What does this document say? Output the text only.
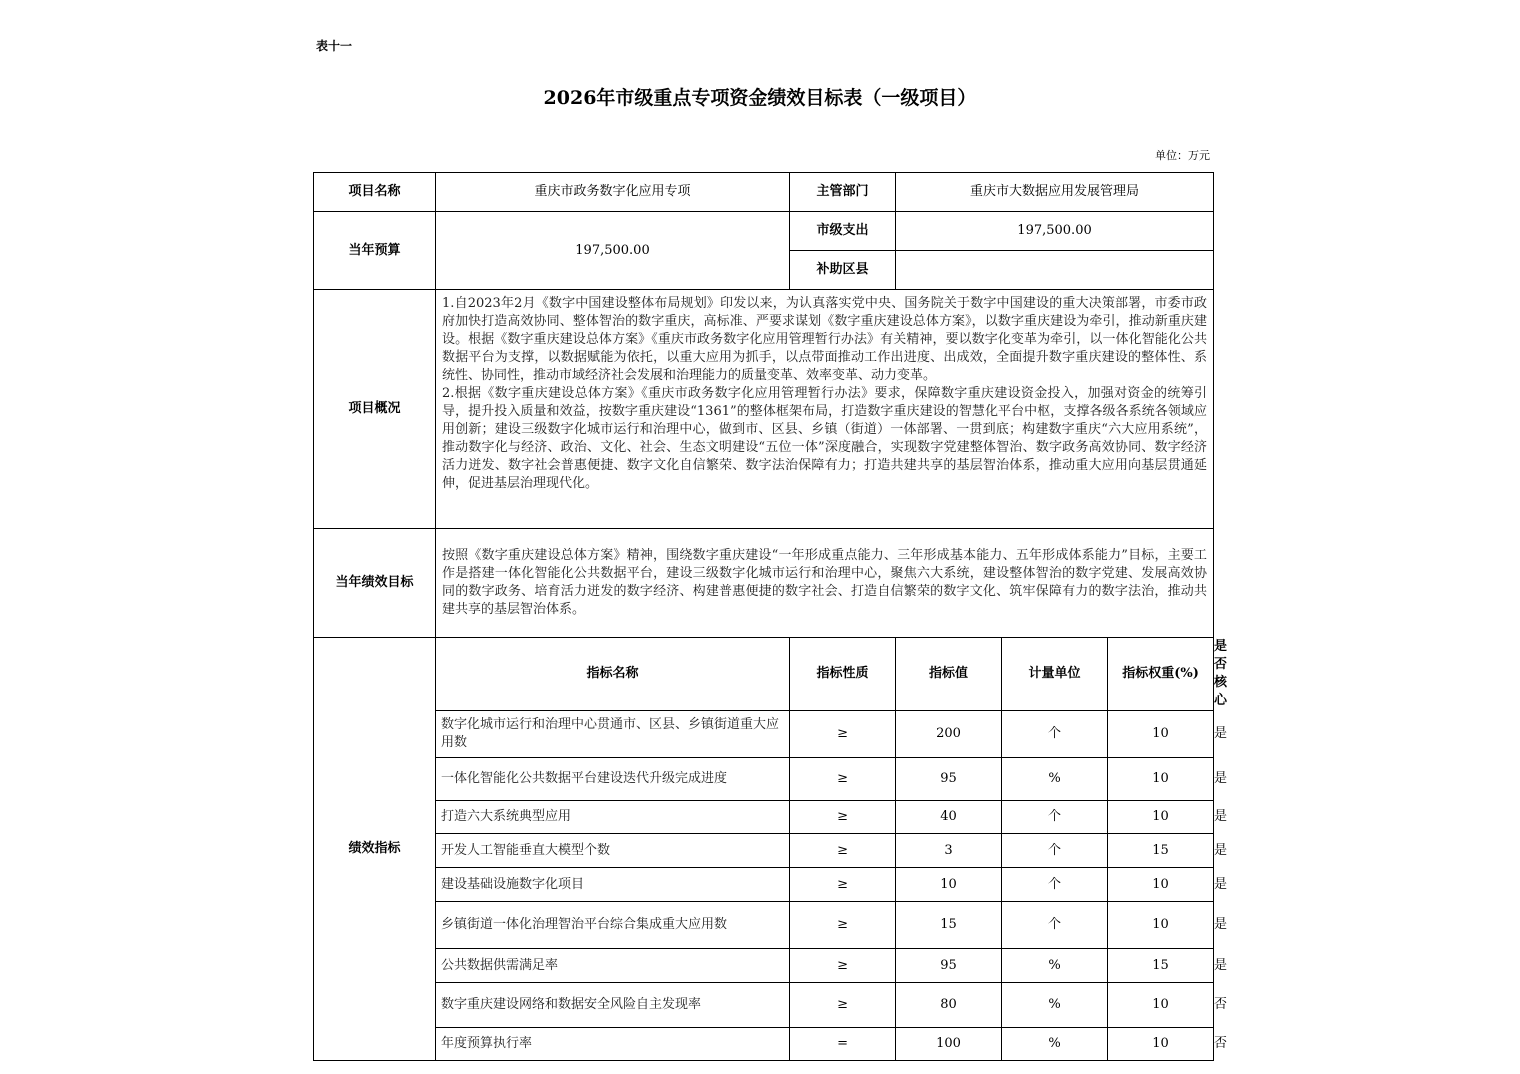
表十一
2026年市级重点专项资金绩效目标表（一级项目）
单位：万元
项目名称	重庆市政务数字化应用专项	主管部门	重庆市大数据应用发展管理局			
当年预算	197,500.00	市级支出	197,500.00			
		补助区县				
项目概况	1.自2023年2月《数字中国建设整体布局规划》印发以来，为认真落实党中央、国务院关于数字中国建设的重大决策部署，市委市政府加快打造高效协同、整体智治的数字重庆，高标准、严要求谋划《数字重庆建设总体方案》，以数字重庆建设为牵引，推动新重庆建设。根据《数字重庆建设总体方案》《重庆市政务数字化应用管理暂行办法》有关精神，要以数字化变革为牵引，以一体化智能化公共数据平台为支撑，以数据赋能为依托，以重大应用为抓手，以点带面推动工作出进度、出成效，全面提升数字重庆建设的整体性、系统性、协同性，推动市域经济社会发展和治理能力的质量变革、效率变革、动力变革。

2.根据《数字重庆建设总体方案》《重庆市政务数字化应用管理暂行办法》要求，保障数字重庆建设资金投入，加强对资金的统筹引导，提升投入质量和效益，按数字重庆建设“1361”的整体框架布局，打造数字重庆建设的智慧化平台中枢，支撑各级各系统各领域应用创新；建设三级数字化城市运行和治理中心，做到市、区县、乡镇（街道）一体部署、一贯到底；构建数字重庆“六大应用系统”，推动数字化与经济、政治、文化、社会、生态文明建设“五位一体”深度融合，实现数字党建整体智治、数字政务高效协同、数字经济活力迸发、数字社会普惠便捷、数字文化自信繁荣、数字法治保障有力；打造共建共享的基层智治体系，推动重大应用向基层贯通延伸，促进基层治理现代化。					

当年绩效目标	按照《数字重庆建设总体方案》精神，围绕数字重庆建设“一年形成重点能力、三年形成基本能力、五年形成体系能力”目标，主要工作是搭建一体化智能化公共数据平台，建设三级数字化城市运行和治理中心，聚焦六大系统，建设整体智治的数字党建、发展高效协同的数字政务、培育活力迸发的数字经济、构建普惠便捷的数字社会、打造自信繁荣的数字文化、筑牢保障有力的数字法治，推动共建共享的基层智治体系。					
绩效指标	指标名称	指标性质	指标值	计量单位	指标权重(%)	是否核心
	数字化城市运行和治理中心贯通市、区县、乡镇街道重大应用数	≥	200	个	10	是
	一体化智能化公共数据平台建设迭代升级完成进度	≥	95	%	10	是
	打造六大系统典型应用	≥	40	个	10	是
	开发人工智能垂直大模型个数	≥	3	个	15	是
	建设基础设施数字化项目	≥	10	个	10	是
	乡镇街道一体化治理智治平台综合集成重大应用数	≥	15	个	10	是
	公共数据供需满足率	≥	95	%	15	是
	数字重庆建设网络和数据安全风险自主发现率	≥	80	%	10	否
	年度预算执行率	=	100	%	10	否
